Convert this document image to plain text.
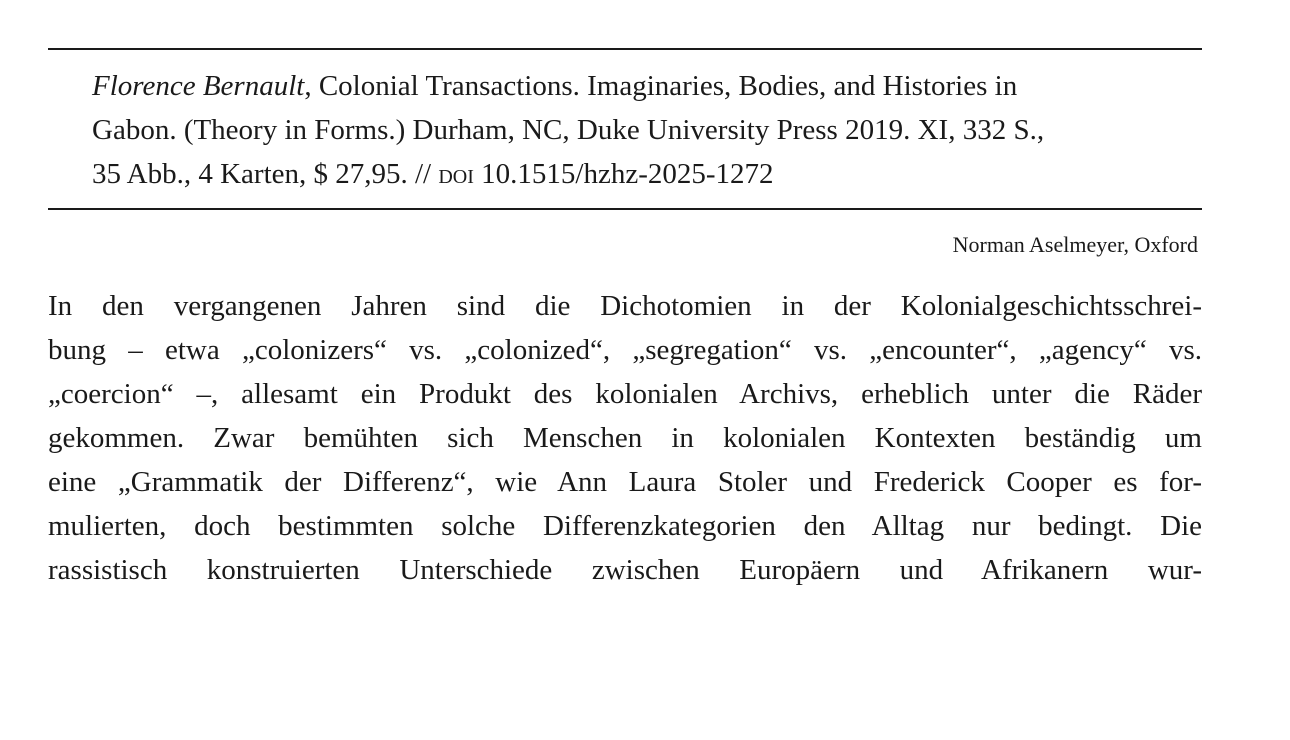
Florence Bernault, Colonial Transactions. Imaginaries, Bodies, and Histories in
Gabon. (Theory in Forms.) Durham, NC, Duke University Press 2019. XI, 332 S.,
35 Abb., 4 Karten, $ 27,95. // doi 10.1515/hzhz-2025-1272
Norman Aselmeyer, Oxford
In den vergangenen Jahren sind die Dichotomien in der Kolonialgeschichtsschrei-
bung – etwa „colonizers“ vs. „colonized“, „segregation“ vs. „encounter“, „agency“ vs.
„coercion“ –, allesamt ein Produkt des kolonialen Archivs, erheblich unter die Räder
gekommen. Zwar bemühten sich Menschen in kolonialen Kontexten beständig um
eine „Grammatik der Differenz“, wie Ann Laura Stoler und Frederick Cooper es for-
mulierten, doch bestimmten solche Differenzkategorien den Alltag nur bedingt. Die
rassistisch konstruierten Unterschiede zwischen Europäern und Afrikanern wur-
